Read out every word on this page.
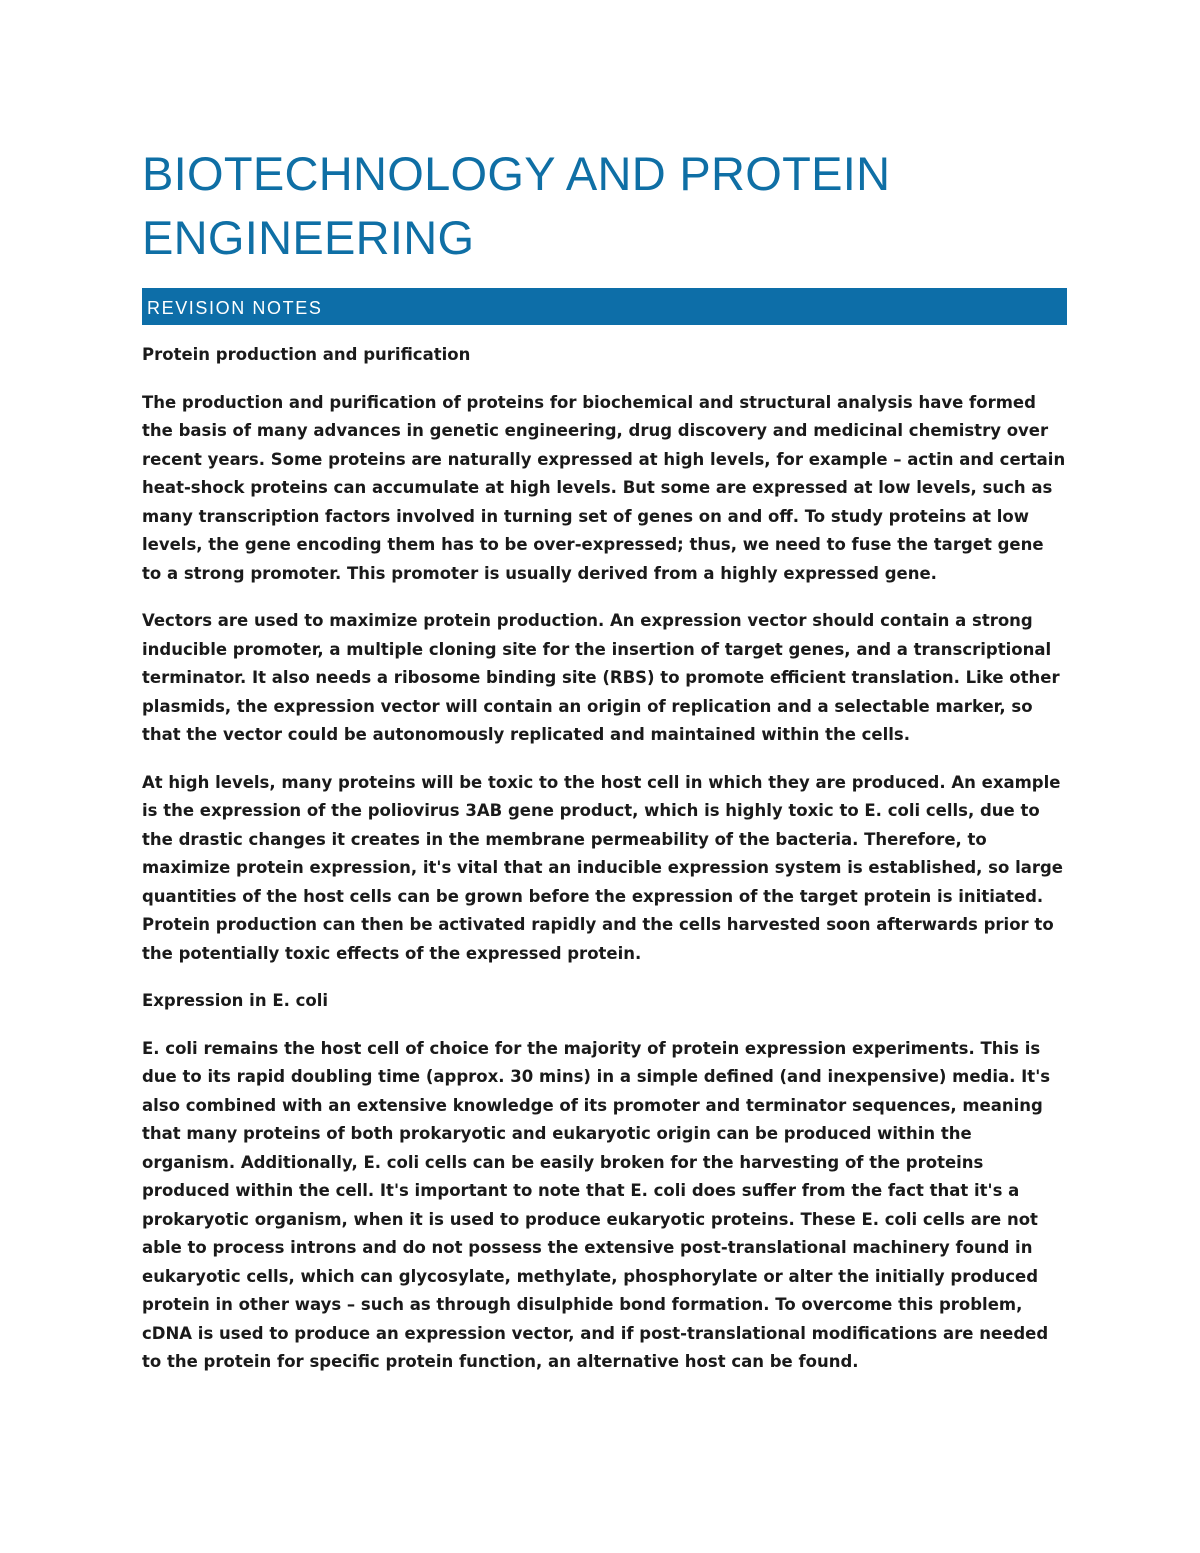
BIOTECHNOLOGY AND PROTEIN
ENGINEERING
REVISION NOTES
Protein production and purification

The production and purification of proteins for biochemical and structural analysis have formed the basis of many advances in genetic engineering, drug discovery and medicinal chemistry over recent years. Some proteins are naturally expressed at high levels, for example – actin and certain heat-shock proteins can accumulate at high levels. But some are expressed at low levels, such as many transcription factors involved in turning set of genes on and off. To study proteins at low levels, the gene encoding them has to be over-expressed; thus, we need to fuse the target gene to a strong promoter. This promoter is usually derived from a highly expressed gene.

Vectors are used to maximize protein production. An expression vector should contain a strong inducible promoter, a multiple cloning site for the insertion of target genes, and a transcriptional terminator. It also needs a ribosome binding site (RBS) to promote efficient translation. Like other plasmids, the expression vector will contain an origin of replication and a selectable marker, so that the vector could be autonomously replicated and maintained within the cells.

At high levels, many proteins will be toxic to the host cell in which they are produced. An example is the expression of the poliovirus 3AB gene product, which is highly toxic to E. coli cells, due to the drastic changes it creates in the membrane permeability of the bacteria. Therefore, to maximize protein expression, it's vital that an inducible expression system is established, so large quantities of the host cells can be grown before the expression of the target protein is initiated. Protein production can then be activated rapidly and the cells harvested soon afterwards prior to the potentially toxic effects of the expressed protein.

Expression in E. coli

E. coli remains the host cell of choice for the majority of protein expression experiments. This is due to its rapid doubling time (approx. 30 mins) in a simple defined (and inexpensive) media. It's also combined with an extensive knowledge of its promoter and terminator sequences, meaning that many proteins of both prokaryotic and eukaryotic origin can be produced within the organism. Additionally, E. coli cells can be easily broken for the harvesting of the proteins produced within the cell. It's important to note that E. coli does suffer from the fact that it's a prokaryotic organism, when it is used to produce eukaryotic proteins. These E. coli cells are not able to process introns and do not possess the extensive post-translational machinery found in eukaryotic cells, which can glycosylate, methylate, phosphorylate or alter the initially produced protein in other ways – such as through disulphide bond formation. To overcome this problem, cDNA is used to produce an expression vector, and if post-translational modifications are needed to the protein for specific protein function, an alternative host can be found.
